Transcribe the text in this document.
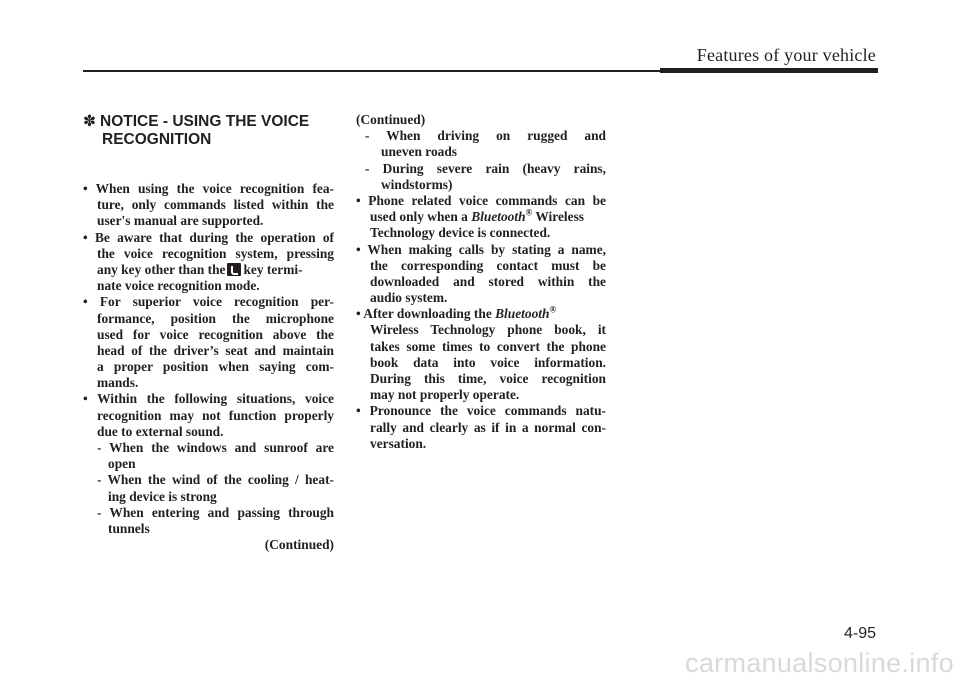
Features of your vehicle
✽ NOTICE - USING THE VOICE
RECOGNITION
• When using the voice recognition fea-
ture, only commands listed within the
user's manual are supported.
• Be aware that during the operation of
the voice recognition system, pressing
any key other than the key termi-
nate voice recognition mode.
• For superior voice recognition per-
formance, position the microphone
used for voice recognition above the
head of the driver’s seat and maintain
a proper position when saying com-
mands.
• Within the following situations, voice
recognition may not function properly
due to external sound.
- When the windows and sunroof are
open
- When the wind of the cooling / heat-
ing device is strong
- When entering and passing through
tunnels
(Continued)
(Continued)
- When driving on rugged and
uneven roads
- During severe rain (heavy rains,
windstorms)
• Phone related voice commands can be
used only when a Bluetooth® Wireless
Technology device is connected.
• When making calls by stating a name,
the corresponding contact must be
downloaded and stored within the
audio system.
• After downloading the Bluetooth®
Wireless Technology phone book, it
takes some times to convert the phone
book data into voice information.
During this time, voice recognition
may not properly operate.
• Pronounce the voice commands natu-
rally and clearly as if in a normal con-
versation.
4-95
carmanualsonline.info
